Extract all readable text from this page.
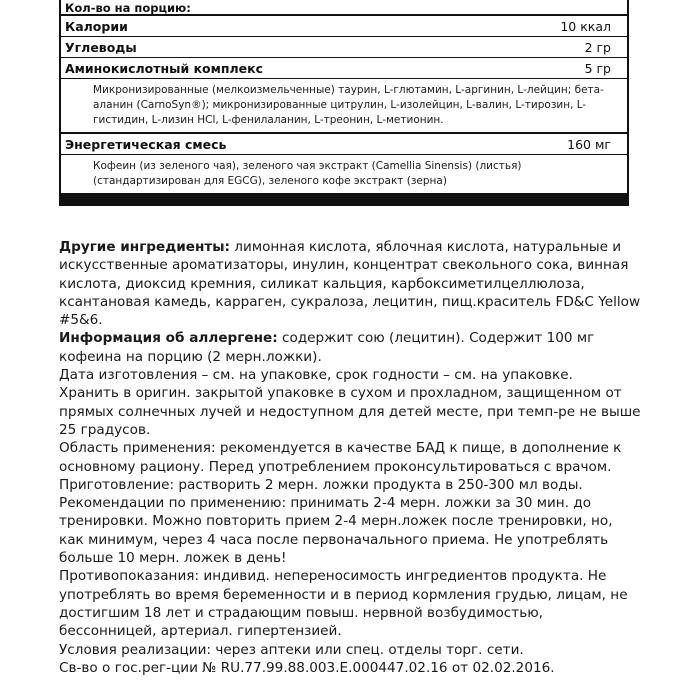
Кол-во на порцию:
Калории	10 ккал
Углеводы	2 гр
Аминокислотный комплекс	5 гр
Микронизированные (мелкоизмельченные) таурин, L-глютамин, L-аргинин, L-лейцин; бета-аланин (CarnoSyn®); микронизированные цитрулин, L-изолейцин, L-валин, L-тирозин, L-гистидин, L-лизин HCl, L-фенилаланин, L-треонин, L-метионин.
Энергетическая смесь	160 мг
Кофеин (из зеленого чая), зеленого чая экстракт (Camellia Sinensis) (листья) (стандартизирован для EGCG), зеленого кофе экстракт (зерна)

Другие ингредиенты: лимонная кислота, яблочная кислота, натуральные и искусственные ароматизаторы, инулин, концентрат свекольного сока, винная кислота, диоксид кремния, силикат кальция, карбоксиметилцеллюлоза, ксантановая камедь, карраген, сукралоза, лецитин, пищ.краситель FD&C Yellow #5&6.

Информация об аллергене: содержит сою (лецитин). Содержит 100 мг кофеина на порцию (2 мерн.ложки).

Дата изготовления – см. на упаковке, срок годности – см. на упаковке.

Хранить в оригин. закрытой упаковке в сухом и прохладном, защищенном от прямых солнечных лучей и недоступном для детей месте, при темп-ре не выше 25 градусов.

Область применения: рекомендуется в качестве БАД к пище, в дополнение к основному рациону. Перед употреблением проконсультироваться с врачом. Приготовление: растворить 2 мерн. ложки продукта в 250-300 мл воды. Рекомендации по применению: принимать 2-4 мерн. ложки за 30 мин. до тренировки. Можно повторить прием 2-4 мерн.ложек после тренировки, но, как минимум, через 4 часа после первоначального приема. Не употреблять больше 10 мерн. ложек в день!

Противопоказания: индивид. непереносимость ингредиентов продукта. Не употреблять во время беременности и в период кормления грудью, лицам, не достигшим 18 лет и страдающим повыш. нервной возбудимостью, бессонницей, артериал. гипертензией.

Условия реализации: через аптеки или спец. отделы торг. сети.

Св-во о гос.рег-ции № RU.77.99.88.003.E.000447.02.16 от 02.02.2016.
